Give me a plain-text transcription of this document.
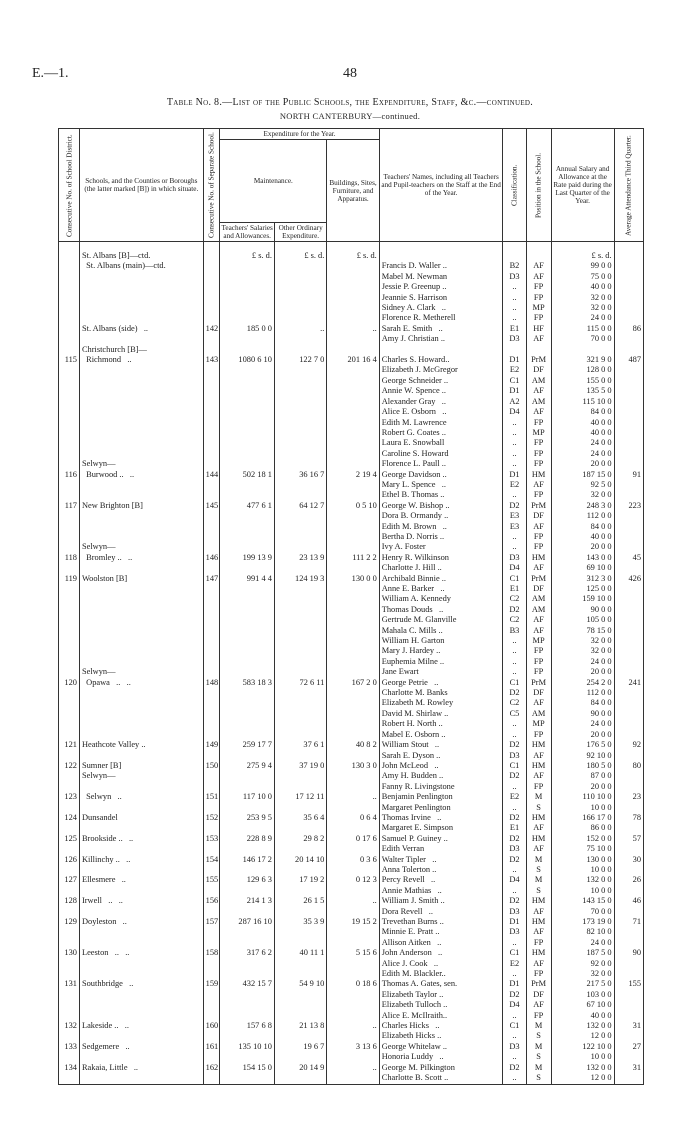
E.—1.	48
Table No. 8.—List of the Public Schools, the Expenditure, Staff, &c.—continued.
NORTH CANTERBURY—continued.
Consecutive No. of School District.	Schools, and the Counties or Boroughs (the latter marked [B]) in which situate.	Consecutive No. of Separate School.	Expenditure for the Year.			Teachers' Names, including all Teachers and Pupil-teachers on the Staff at the End of the Year.	Classification.	Position in the School.	Annual Salary and Allowance at the Rate paid during the Last Quarter of the Year.	Average Attendance Third Quarter.
			Maintenance.		Buildings, Sites, Furniture, and Apparatus.					
			Teachers' Salaries and Allowances.	Other Ordinary Expenditure.						
	St. Albans [B]—ctd.		£ s. d.	£ s. d.	£ s. d.				£ s. d.	
	St. Albans (main)—ctd.					Francis D. Waller ..	B2	AF	99 0 0	
						Mabel M. Newman	D3	AF	75 0 0	
						Jessie P. Greenup ..	..	FP	40 0 0	
						Jeannie S. Harrison	..	FP	32 0 0	
						Sidney A. Clark   ..	..	MP	32 0 0	
						Florence R. Metherell	..	FP	24 0 0	
	St. Albans (side)   ..	142	185 0 0	..	..	Sarah E. Smith   ..	E1	HF	115 0 0	86
						Amy J. Christian ..	D3	AF	70 0 0	
	Christchurch [B]—									
115	Richmond   ..	143	1080 6 10	122 7 0	201 16 4	Charles S. Howard..	D1	PrM	321 9 0	487
						Elizabeth J. McGregor	E2	DF	128 0 0	
						George Schneider ..	C1	AM	155 0 0	
						Annie W. Spence ..	D1	AF	135 5 0	
						Alexander Gray   ..	A2	AM	115 10 0	
						Alice E. Osborn   ..	D4	AF	84 0 0	
						Edith M. Lawrence	..	FP	40 0 0	
						Robert G. Coates ..	..	MP	40 0 0	
						Laura E. Snowball	..	FP	24 0 0	
						Caroline S. Howard	..	FP	24 0 0	
	Selwyn—					Florence L. Paull ..	..	FP	20 0 0	
116	Burwood ..   ..	144	502 18 1	36 16 7	2 19 4	George Davidson ..	D1	HM	187 15 0	91
						Mary L. Spence   ..	E2	AF	92 5 0	
						Ethel B. Thomas ..	..	FP	32 0 0	
117	New Brighton [B]	145	477 6 1	64 12 7	0 5 10	George W. Bishop ..	D2	PrM	248 3 0	223
						Dora B. Ormandy ..	E3	DF	112 0 0	
						Edith M. Brown   ..	E3	AF	84 0 0	
						Bertha D. Norris ..	..	FP	40 0 0	
	Selwyn—					Ivy A. Foster	..	FP	20 0 0	
118	Bromley ..   ..	146	199 13 9	23 13 9	111 2 2	Henry R. Wilkinson	D3	HM	143 0 0	45
						Charlotte J. Hill ..	D4	AF	69 10 0	
119	Woolston [B]	147	991 4 4	124 19 3	130 0 0	Archibald Binnie ..	C1	PrM	312 3 0	426
						Anne E. Barker   ..	E1	DF	125 0 0	
						William A. Kennedy	C2	AM	159 10 0	
						Thomas Douds   ..	D2	AM	90 0 0	
						Gertrude M. Glanville	C2	AF	105 0 0	
						Mahala C. Mills ..	B3	AF	78 15 0	
						William H. Garton	..	MP	32 0 0	
						Mary J. Hardey ..	..	FP	32 0 0	
						Euphemia Milne ..	..	FP	24 0 0	
	Selwyn—					Jane Ewart	..	FP	20 0 0	
120	Opawa   ..   ..	148	583 18 3	72 6 11	167 2 0	George Petrie   ..	C1	PrM	254 2 0	241
						Charlotte M. Banks	D2	DF	112 0 0	
						Elizabeth M. Rowley	C2	AF	84 0 0	
						David M. Shirlaw ..	C5	AM	90 0 0	
						Robert H. North ..	..	MP	24 0 0	
						Mabel E. Osborn ..	..	FP	20 0 0	
121	Heathcote Valley ..	149	259 17 7	37 6 1	40 8 2	William Stout   ..	D2	HM	176 5 0	92
						Sarah E. Dyson ..	D3	AF	92 10 0	
122	Sumner [B]	150	275 9 4	37 19 0	130 3 0	John McLeod   ..	C1	HM	180 5 0	80
	Selwyn—					Amy H. Budden ..	D2	AF	87 0 0	
						Fanny R. Livingstone	..	FP	20 0 0	
123	Selwyn   ..	151	117 10 0	17 12 11	..	Benjamin Penlington	E2	M	110 10 0	23
						Margaret Penlington	..	S	10 0 0	
124	Dunsandel	152	253 9 5	35 6 4	0 6 4	Thomas Irvine   ..	D2	HM	166 17 0	78
						Margaret E. Simpson	E1	AF	86 0 0	
125	Brookside ..   ..	153	228 8 9	29 8 2	0 17 6	Samuel P. Guiney ..	D2	HM	152 0 0	57
						Edith Verran	D3	AF	75 10 0	
126	Killinchy ..   ..	154	146 17 2	20 14 10	0 3 6	Walter Tipler   ..	D2	M	130 0 0	30
						Anna Tolerton ..	..	S	10 0 0	
127	Ellesmere   ..	155	129 6 3	17 19 2	0 12 3	Percy Revell   ..	D4	M	132 0 0	26
						Annie Mathias   ..	..	S	10 0 0	
128	Irwell   ..   ..	156	214 1 3	26 1 5	..	William J. Smith ..	D2	HM	143 15 0	46
						Dora Revell   ..	D3	AF	70 0 0	
129	Doyleston   ..	157	287 16 10	35 3 9	19 15 2	Trevethan Burns ..	D1	HM	173 19 0	71
						Minnie E. Pratt ..	D3	AF	82 10 0	
						Allison Aitken   ..	..	FP	24 0 0	
130	Leeston   ..   ..	158	317 6 2	40 11 1	5 15 6	John Anderson   ..	C1	HM	187 5 0	90
						Alice J. Cook   ..	E2	AF	92 0 0	
						Edith M. Blackler..	..	FP	32 0 0	
131	Southbridge   ..	159	432 15 7	54 9 10	0 18 6	Thomas A. Gates, sen.	D1	PrM	217 5 0	155
						Elizabeth Taylor ..	D2	DF	103 0 0	
						Elizabeth Tulloch ..	D4	AF	67 10 0	
						Alice E. McIlraith..	..	FP	40 0 0	
132	Lakeside ..   ..	160	157 6 8	21 13 8	..	Charles Hicks   ..	C1	M	132 0 0	31
						Elizabeth Hicks ..	..	S	12 0 0	
133	Sedgemere   ..	161	135 10 10	19 6 7	3 13 6	George Whitelaw ..	D3	M	122 10 0	27
						Honoria Luddy   ..	..	S	10 0 0	
134	Rakaia, Little   ..	162	154 15 0	20 14 9	..	George M. Pilkington	D2	M	132 0 0	31
						Charlotte B. Scott ..	..	S	12 0 0	
